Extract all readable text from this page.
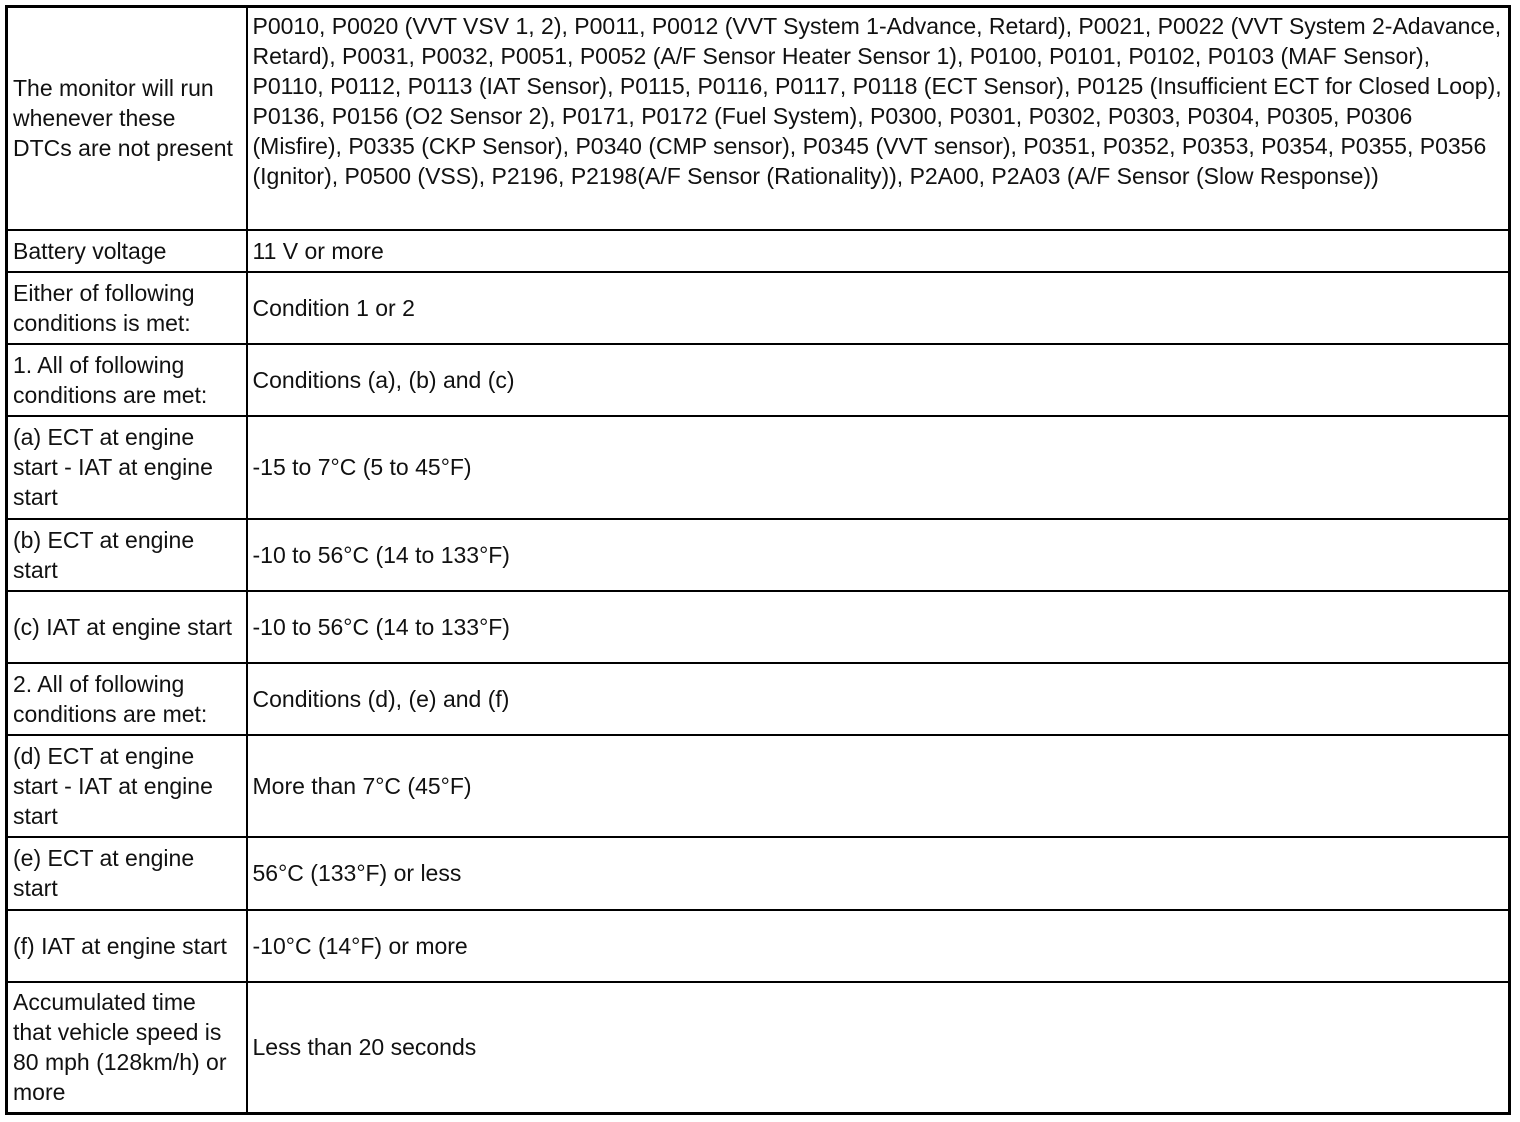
The monitor will run whenever these DTCs are not present	P0010, P0020 (VVT VSV 1, 2), P0011, P0012 (VVT System 1-Advance, Retard), P0021, P0022 (VVT System 2-Adavance, Retard), P0031, P0032, P0051, P0052 (A/F Sensor Heater Sensor 1), P0100, P0101, P0102, P0103 (MAF Sensor), P0110, P0112, P0113 (IAT Sensor), P0115, P0116, P0117, P0118 (ECT Sensor), P0125 (Insufficient ECT for Closed Loop), P0136, P0156 (O2 Sensor 2), P0171, P0172 (Fuel System), P0300, P0301, P0302, P0303, P0304, P0305, P0306 (Misfire), P0335 (CKP Sensor), P0340 (CMP sensor), P0345 (VVT sensor), P0351, P0352, P0353, P0354, P0355, P0356 (Ignitor), P0500 (VSS), P2196, P2198(A/F Sensor (Rationality)), P2A00, P2A03 (A/F Sensor (Slow Response))
Battery voltage	11 V or more
Either of following conditions is met:	Condition 1 or 2
1. All of following conditions are met:	Conditions (a), (b) and (c)
(a) ECT at engine start - IAT at engine start	-15 to 7°C (5 to 45°F)
(b) ECT at engine start	-10 to 56°C (14 to 133°F)
(c) IAT at engine start	-10 to 56°C (14 to 133°F)
2. All of following conditions are met:	Conditions (d), (e) and (f)
(d) ECT at engine start - IAT at engine start	More than 7°C (45°F)
(e) ECT at engine start	56°C (133°F) or less
(f) IAT at engine start	-10°C (14°F) or more
Accumulated time that vehicle speed is 80 mph (128km/h) or more	Less than 20 seconds
